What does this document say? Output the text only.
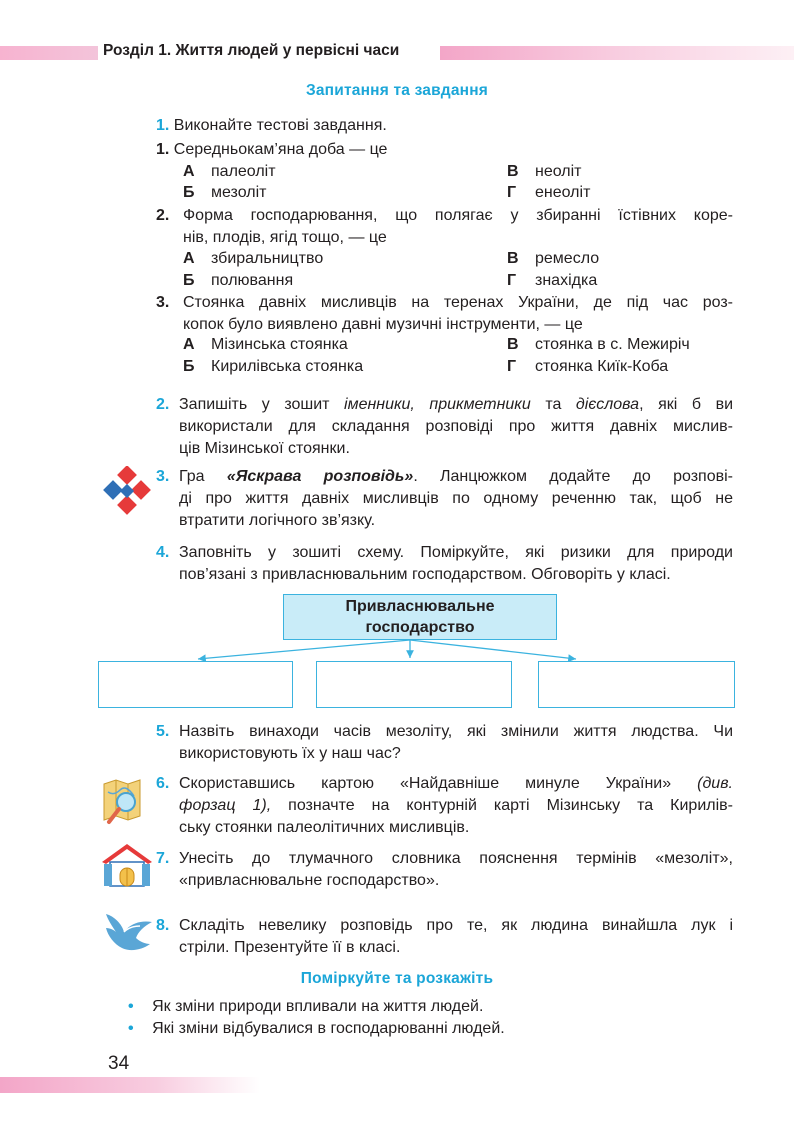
Розділ 1. Життя людей у первісні часи
Запитання та завдання
1. Виконайте тестові завдання.
1. Середньокам’яна доба — це
А палеоліт	В неоліт
Б мезоліт	Г енеоліт
2. Форма господарювання, що полягає у збиранні їстівних коре-
нів, плодів, ягід тощо, — це
А збиральництво	В ремесло
Б полювання	Г знахідка
3. Стоянка давніх мисливців на теренах України, де під час роз-
копок було виявлено давні музичні інструменти, — це
А Мізинська стоянка	В стоянка в с. Межиріч
Б Кирилівська стоянка	Г стоянка Киїк-Коба
2. Запишіть у зошит іменники, прикметники та дієслова, які б ви
використали для складання розповіді про життя давніх мислив-
ців Мізинської стоянки.
3. Гра «Яскрава розповідь». Ланцюжком додайте до розпові-
ді про життя давніх мисливців по одному реченню так, щоб не
втратити логічного зв’язку.
4. Заповніть у зошиті схему. Поміркуйте, які ризики для природи
пов’язані з привласнювальним господарством. Обговоріть у класі.
Привласнювальне
господарство
5. Назвіть винаходи часів мезоліту, які змінили життя людства. Чи
використовують їх у наш час?
6. Скориставшись картою «Найдавніше минуле України» (див.
форзац 1), позначте на контурній карті Мізинську та Кирилів-
ську стоянки палеолітичних мисливців.
7. Унесіть до тлумачного словника пояснення термінів «мезоліт»,
«привласнювальне господарство».
8. Складіть невелику розповідь про те, як людина винайшла лук і
стріли. Презентуйте її в класі.
Поміркуйте та розкажіть
• Як зміни природи впливали на життя людей.
• Які зміни відбувалися в господарюванні людей.
34
